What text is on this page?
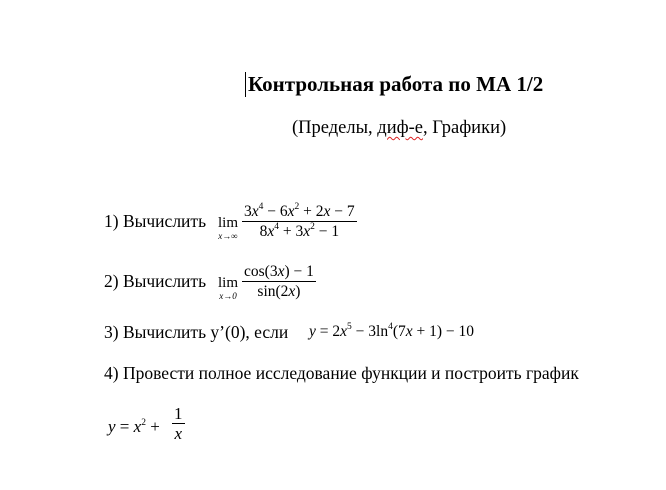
Контрольная работа по МА 1/2
(Пределы, диф-е, Графики)
1) Вычислить lim
x→∞
$3x^4 - 6x^2 + 2x - 7$
$8x^4 + 3x^2 - 1$
2) Вычислить lim
x→0
cos(3x) − 1
sin(2x)
3) Вычислить y’(0), если $y = 2x^5 - 3\ln^4(7x + 1) - 10$
4) Провести полное исследование функции и построить график
$y = x^2$ +
1
x
